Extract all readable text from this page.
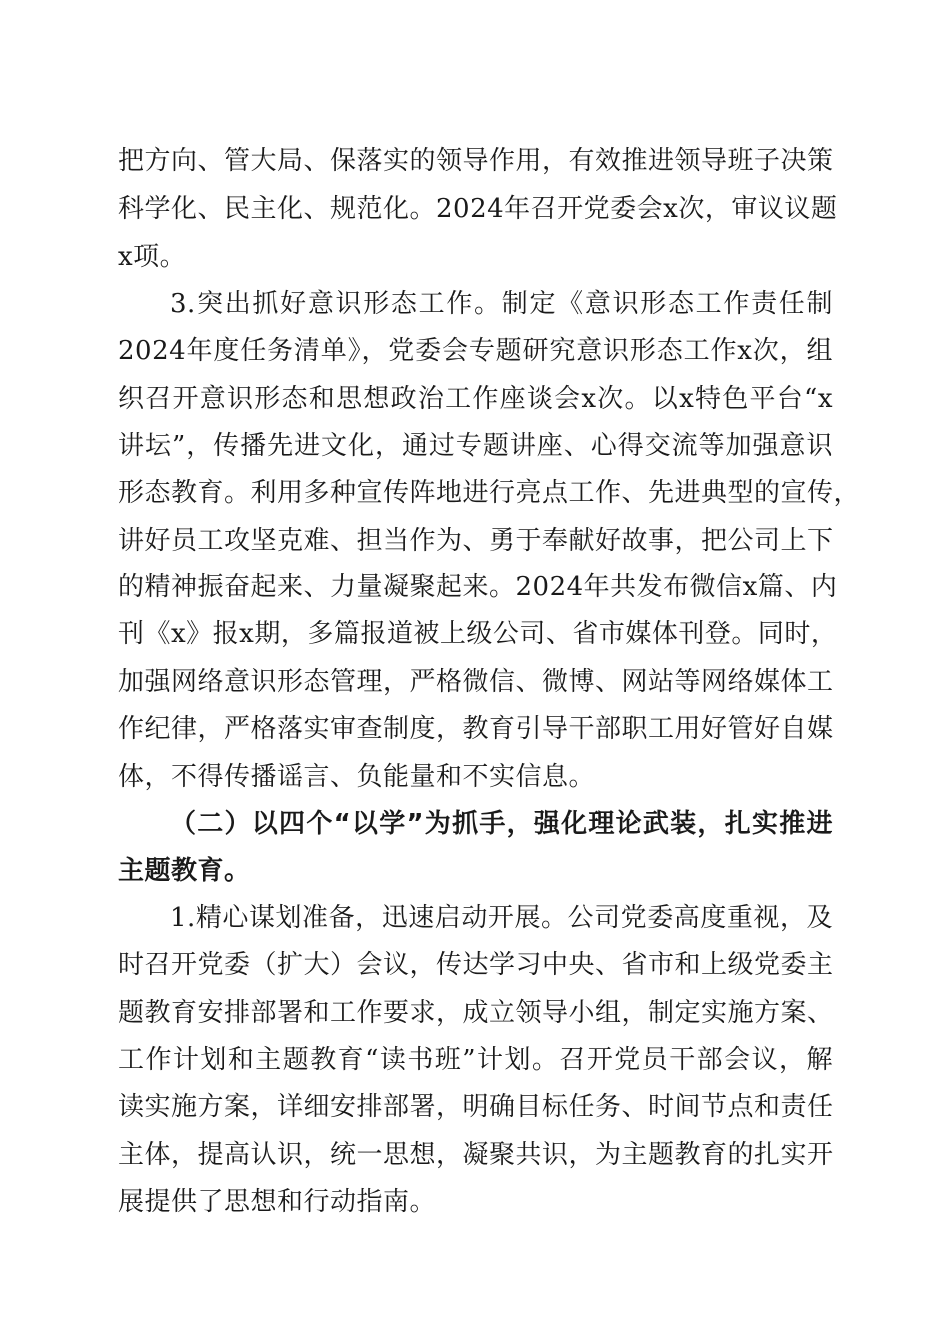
把方向、管大局、保落实的领导作用，有效推进领导班子决策
科学化、民主化、规范化。2024年召开党委会x次，审议议题
x项。
3.突出抓好意识形态工作。制定《意识形态工作责任制
2024年度任务清单》，党委会专题研究意识形态工作x次，组
织召开意识形态和思想政治工作座谈会x次。以x特色平台“x
讲坛”，传播先进文化，通过专题讲座、心得交流等加强意识
形态教育。利用多种宣传阵地进行亮点工作、先进典型的宣传，
讲好员工攻坚克难、担当作为、勇于奉献好故事，把公司上下
的精神振奋起来、力量凝聚起来。2024年共发布微信x篇、内
刊《x》报x期，多篇报道被上级公司、省市媒体刊登。同时，
加强网络意识形态管理，严格微信、微博、网站等网络媒体工
作纪律，严格落实审查制度，教育引导干部职工用好管好自媒
体，不得传播谣言、负能量和不实信息。
（二）以四个“以学”为抓手，强化理论武装，扎实推进
主题教育。
1.精心谋划准备，迅速启动开展。公司党委高度重视，及
时召开党委（扩大）会议，传达学习中央、省市和上级党委主
题教育安排部署和工作要求，成立领导小组，制定实施方案、
工作计划和主题教育“读书班”计划。召开党员干部会议，解
读实施方案，详细安排部署，明确目标任务、时间节点和责任
主体，提高认识，统一思想，凝聚共识，为主题教育的扎实开
展提供了思想和行动指南。
